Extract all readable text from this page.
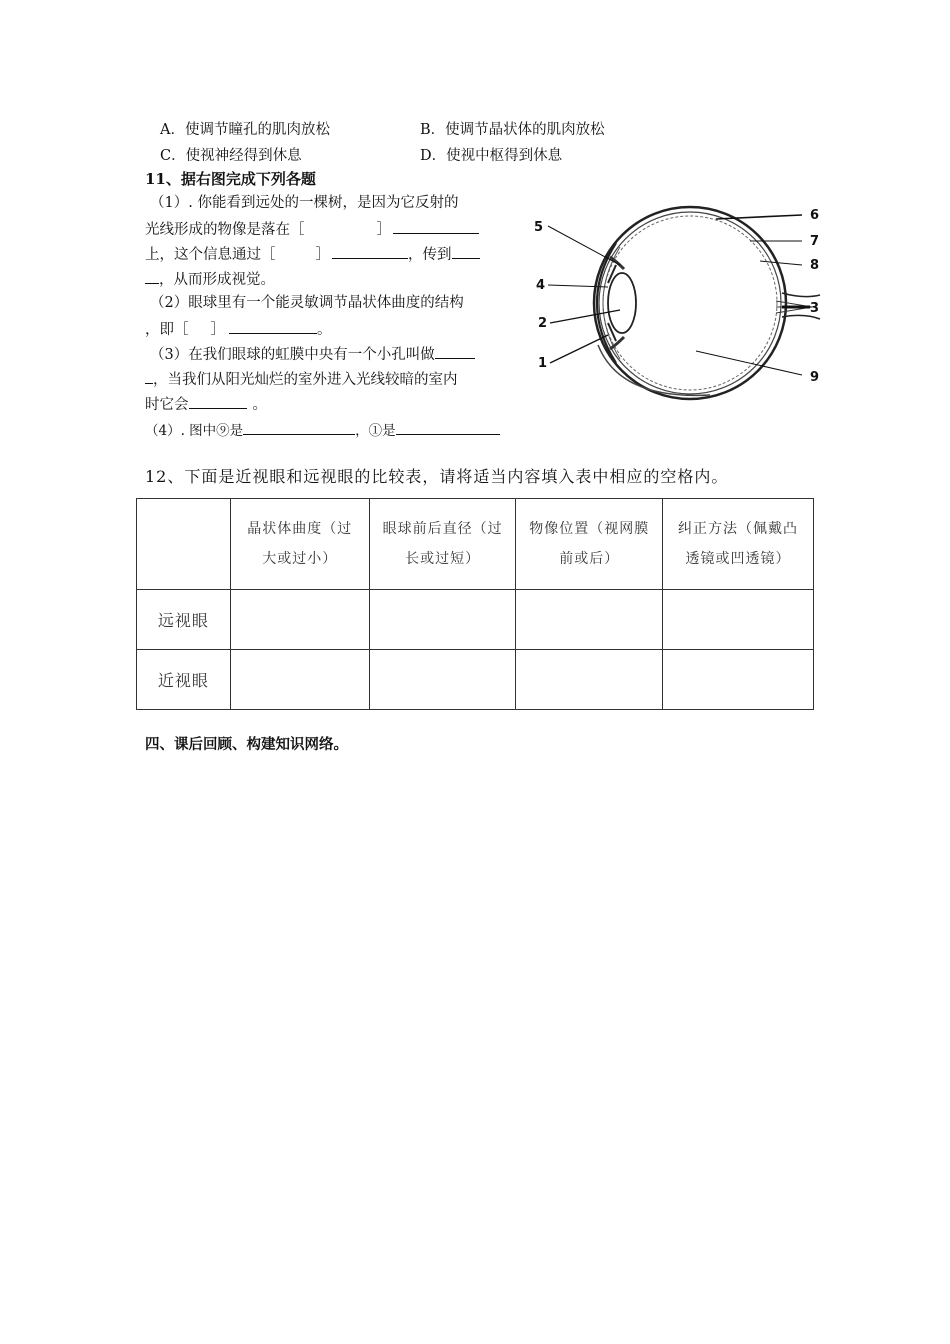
A．使调节瞳孔的肌肉放松	B．使调节晶状体的肌肉放松
C．使视神经得到休息	D．使视中枢得到休息
11、据右图完成下列各题
（1）. 你能看到远处的一棵树，是因为它反射的
光线形成的物像是落在［	］
上，这个信息通过［	］	，传到
，从而形成视觉。
（2）眼球里有一个能灵敏调节晶状体曲度的结构
，即［ ］	。
（3）在我们眼球的虹膜中央有一个小孔叫做
，当我们从阳光灿烂的室外进入光线较暗的室内
时它会	。
（4）. 图中⑨是	，①是
1
2
3
4
5
6
7
8
9
12、下面是近视眼和远视眼的比较表，请将适当内容填入表中相应的空格内。
	晶状体曲度（过大或过小）	眼球前后直径（过长或过短）	物像位置（视网膜前或后）	纠正方法（佩戴凸透镜或凹透镜）
远视眼				
近视眼				
四、课后回顾、构建知识网络。
